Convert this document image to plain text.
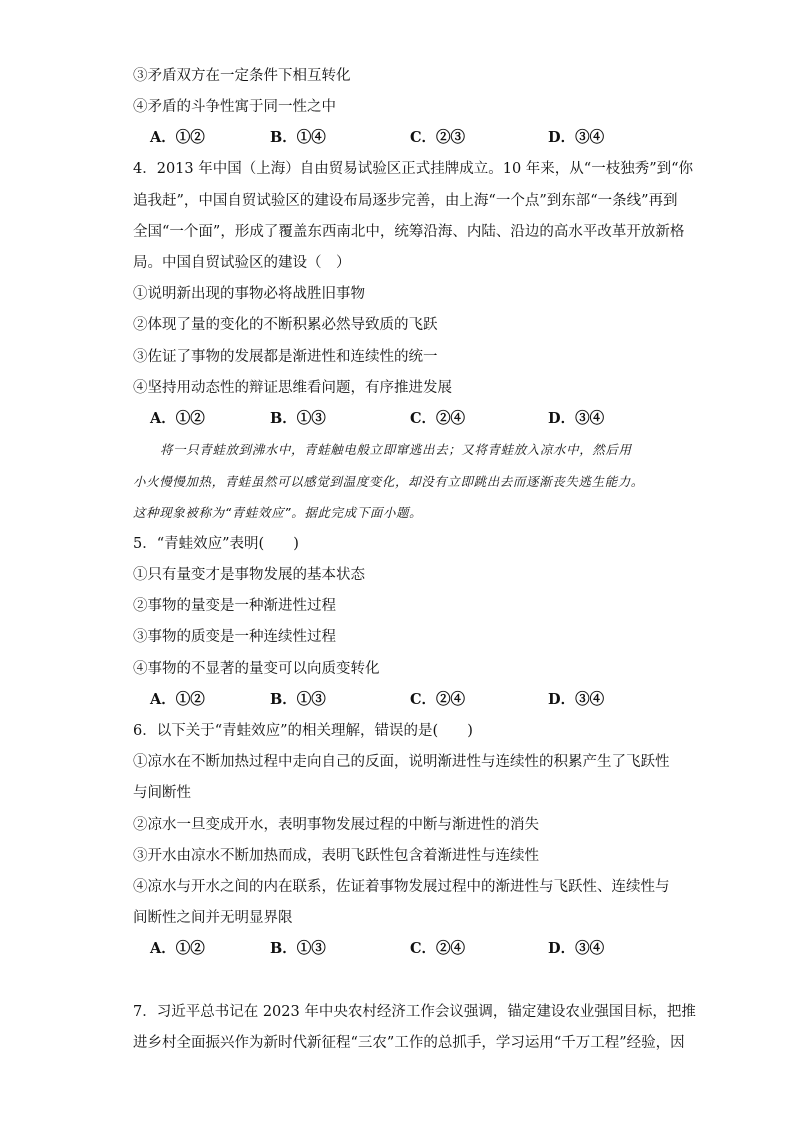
③矛盾双方在一定条件下相互转化
④矛盾的斗争性寓于同一性之中
A．①②	B．①④	C．②③	D．③④
4．2013 年中国（上海）自由贸易试验区正式挂牌成立。10 年来，从“一枝独秀”到“你
追我赶”，中国自贸试验区的建设布局逐步完善，由上海“一个点”到东部“一条线”再到
全国“一个面”，形成了覆盖东西南北中，统筹沿海、内陆、沿边的高水平改革开放新格
局。中国自贸试验区的建设（　）
①说明新出现的事物必将战胜旧事物
②体现了量的变化的不断积累必然导致质的飞跃
③佐证了事物的发展都是渐进性和连续性的统一
④坚持用动态性的辩证思维看问题，有序推进发展
A．①②	B．①③	C．②④	D．③④
将一只青蛙放到沸水中，青蛙触电般立即窜逃出去；又将青蛙放入凉水中，然后用
小火慢慢加热，青蛙虽然可以感觉到温度变化，却没有立即跳出去而逐渐丧失逃生能力。
这种现象被称为“青蛙效应”。据此完成下面小题。
5．“青蛙效应”表明(　　)
①只有量变才是事物发展的基本状态
②事物的量变是一种渐进性过程
③事物的质变是一种连续性过程
④事物的不显著的量变可以向质变转化
A．①②	B．①③	C．②④	D．③④
6．以下关于“青蛙效应”的相关理解，错误的是(　　)
①凉水在不断加热过程中走向自己的反面，说明渐进性与连续性的积累产生了飞跃性
与间断性
②凉水一旦变成开水，表明事物发展过程的中断与渐进性的消失
③开水由凉水不断加热而成，表明飞跃性包含着渐进性与连续性
④凉水与开水之间的内在联系，佐证着事物发展过程中的渐进性与飞跃性、连续性与
间断性之间并无明显界限
A．①②	B．①③	C．②④	D．③④
7．习近平总书记在 2023 年中央农村经济工作会议强调，锚定建设农业强国目标，把推
进乡村全面振兴作为新时代新征程“三农”工作的总抓手，学习运用“千万工程”经验，因
